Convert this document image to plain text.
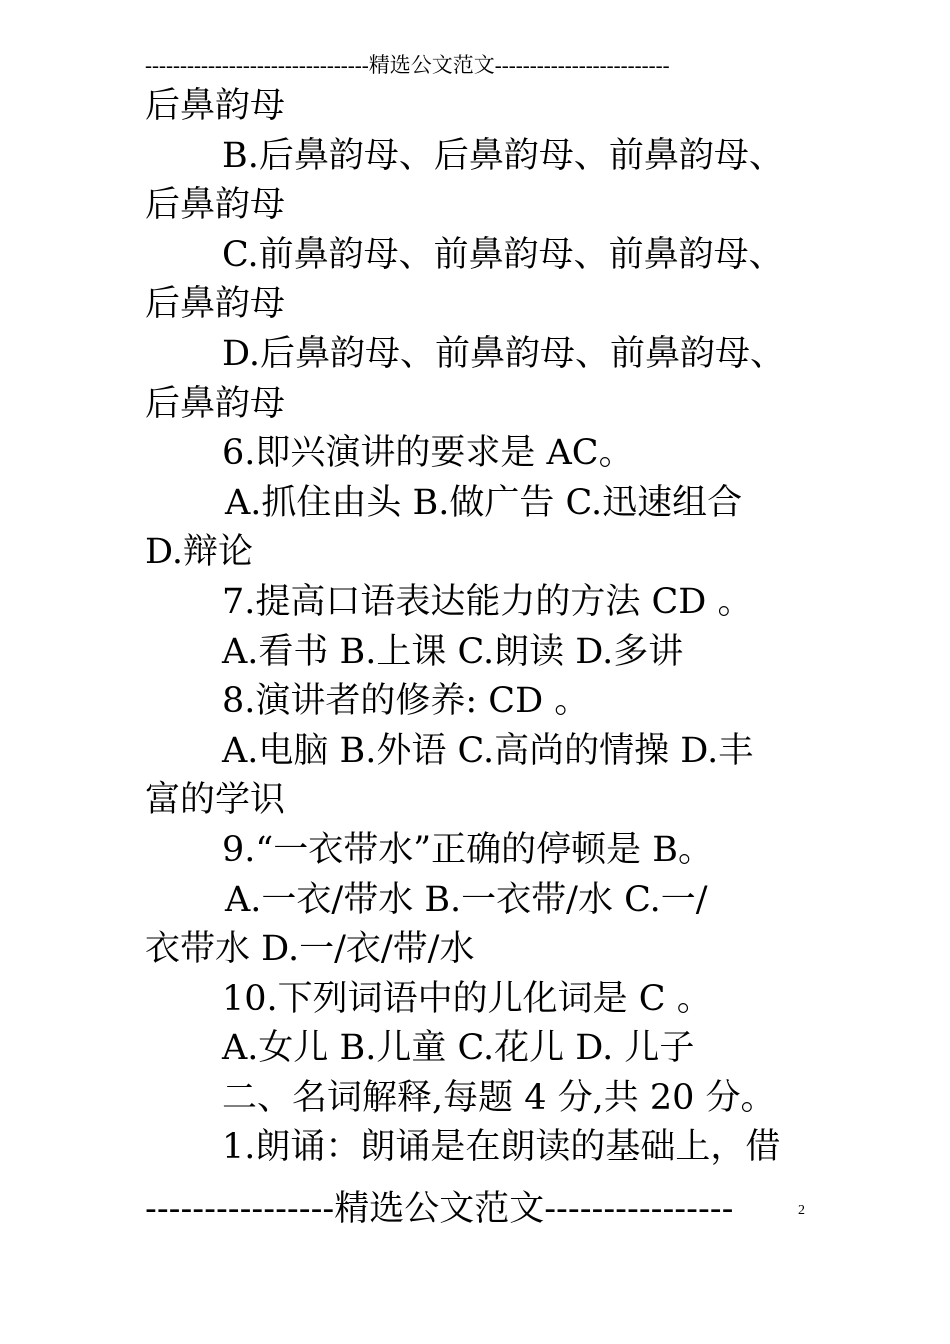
--------------------------------精选公文范文-------------------------
后鼻韵母
B.后鼻韵母、后鼻韵母、前鼻韵母、
后鼻韵母
C.前鼻韵母、前鼻韵母、前鼻韵母、
后鼻韵母
D.后鼻韵母、前鼻韵母、前鼻韵母、
后鼻韵母
6.即兴演讲的要求是 AC。
A.抓住由头 B.做广告 C.迅速组合
D.辩论
7.提高口语表达能力的方法 CD 。
A.看书 B.上课 C.朗读 D.多讲
8.演讲者的修养: CD 。
A.电脑 B.外语 C.高尚的情操 D.丰
富的学识
9.“一衣带水”正确的停顿是 B。
A.一衣/带水 B.一衣带/水 C.一/
衣带水 D.一/衣/带/水
10.下列词语中的儿化词是 C 。
A.女儿 B.儿童 C.花儿 D. 儿子
二、名词解释,每题 4 分,共 20 分。
1.朗诵：朗诵是在朗读的基础上，借
----------------精选公文范文----------------	2
